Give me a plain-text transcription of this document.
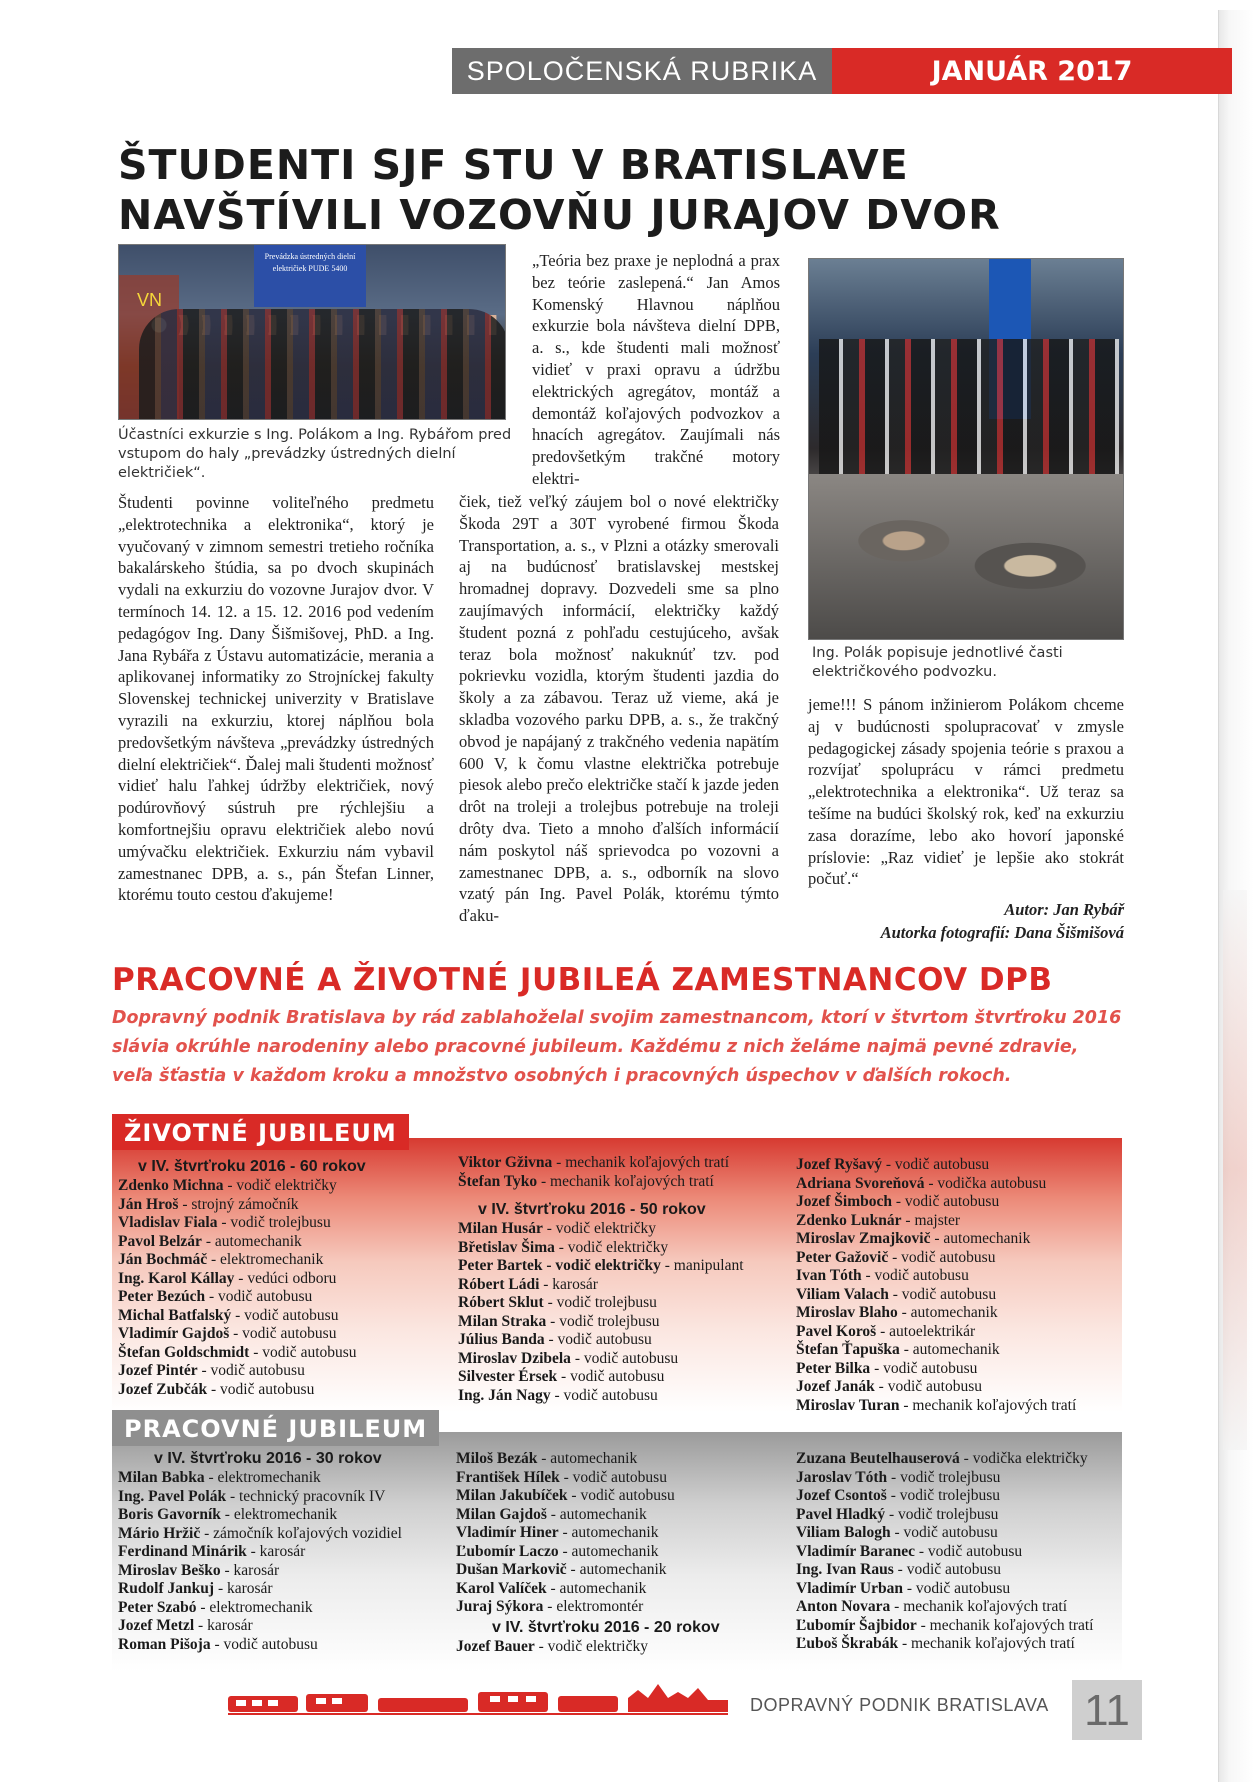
SPOLOČENSKÁ RUBRIKA	JANUÁR 2017
ŠTUDENTI SJF STU V BRATISLAVE
NAVŠTÍVILI VOZOVŇU JURAJOV DVOR
Prevádzka ústredných dielní električiek PUDE 5400
VN
Účastníci exkurzie s Ing. Polákom a Ing. Rybářom pred vstupom do haly „prevádzky ústredných dielní električiek“.
Študenti povinne voliteľného predmetu „elektrotechnika a elektronika“, ktorý je vyučovaný v zimnom semestri tretieho ročníka bakalárskeho štúdia, sa po dvoch skupinách vydali na exkurziu do vozovne Jurajov dvor. V termínoch 14. 12. a 15. 12. 2016 pod vedením pedagógov Ing. Dany Šišmišovej, PhD. a Ing. Jana Rybářa z Ústavu automatizácie, merania a aplikovanej informatiky zo Strojníckej fakulty Slovenskej technickej univerzity v Bratislave vyrazili na exkurziu, ktorej náplňou bola predovšetkým návšteva „prevádzky ústredných dielní električiek“. Ďalej mali študenti možnosť vidieť halu ľahkej údržby električiek, nový podúrovňový sústruh pre rýchlejšiu a komfortnejšiu opravu električiek alebo novú umývačku električiek. Exkurziu nám vybavil zamestnanec DPB, a. s., pán Štefan Linner, ktorému touto cestou ďakujeme!
„Teória bez praxe je neplodná a prax bez teórie zaslepená.“ Jan Amos Komenský Hlavnou náplňou exkurzie bola návšteva dielní DPB, a. s., kde študenti mali možnosť vidieť v praxi opravu a údržbu elektrických agregátov, montáž a demontáž koľajových podvozkov a hnacích agregátov. Zaujímali nás predovšetkým trakčné motory elektri-
čiek, tiež veľký záujem bol o nové električky Škoda 29T a 30T vyrobené firmou Škoda Transportation, a. s., v Plzni a otázky smerovali aj na budúcnosť bratislavskej mestskej hromadnej dopravy. Dozvedeli sme sa plno zaujímavých informácií, električky každý študent pozná z pohľadu cestujúceho, avšak teraz bola možnosť nakuknúť tzv. pod pokrievku vozidla, ktorým študenti jazdia do školy a za zábavou. Teraz už vieme, aká je skladba vozového parku DPB, a. s., že trakčný obvod je napájaný z trakčného vedenia napätím 600 V, k čomu vlastne električka potrebuje piesok alebo prečo električke stačí k jazde jeden drôt na troleji a trolejbus potrebuje na troleji drôty dva. Tieto a mnoho ďalších informácií nám poskytol náš sprievodca po vozovni a zamestnanec DPB, a. s., odborník na slovo vzatý pán Ing. Pavel Polák, ktorému týmto ďaku-
Ing. Polák popisuje jednotlivé časti električkového podvozku.
jeme!!! S pánom inžinierom Polákom chceme aj v budúcnosti spolupracovať v zmysle pedagogickej zásady spojenia teórie s praxou a rozvíjať spoluprácu v rámci predmetu „elektrotechnika a elektronika“. Už teraz sa tešíme na budúci školský rok, keď na exkurziu zasa dorazíme, lebo ako hovorí japonské príslovie: „Raz vidieť je lepšie ako stokrát počuť.“
Autor: Jan Rybář
Autorka fotografií: Dana Šišmišová
PRACOVNÉ A ŽIVOTNÉ JUBILEÁ ZAMESTNANCOV DPB

Dopravný podnik Bratislava by rád zablahoželal svojim zamestnancom, ktorí v štvrtom štvrťroku 2016 slávia okrúhle narodeniny alebo pracovné jubileum. Každému z nich želáme najmä pevné zdravie, veľa šťastia v každom kroku a množstvo osobných i pracovných úspechov v ďalších rokoch.

ŽIVOTNÉ JUBILEUM
v IV. štvrťroku 2016 - 60 rokov
Zdenko Michna - vodič električky
Ján Hroš - strojný zámočník
Vladislav Fiala - vodič trolejbusu
Pavol Belzár - automechanik
Ján Bochmáč - elektromechanik
Ing. Karol Kállay - vedúci odboru
Peter Bezúch - vodič autobusu
Michal Batfalský - vodič autobusu
Vladimír Gajdoš - vodič autobusu
Štefan Goldschmidt - vodič autobusu
Jozef Pintér - vodič autobusu
Jozef Zubčák - vodič autobusu
Viktor Gživna - mechanik koľajových tratí
Štefan Tyko - mechanik koľajových tratí
v IV. štvrťroku 2016 - 50 rokov
Milan Husár - vodič električky
Břetislav Šima - vodič električky
Peter Bartek - vodič električky - manipulant
Róbert Ládi - karosár
Róbert Sklut - vodič trolejbusu
Milan Straka - vodič trolejbusu
Július Banda - vodič autobusu
Miroslav Dzibela - vodič autobusu
Silvester Érsek - vodič autobusu
Ing. Ján Nagy - vodič autobusu
Jozef Ryšavý - vodič autobusu
Adriana Svoreňová - vodička autobusu
Jozef Šimboch - vodič autobusu
Zdenko Luknár - majster
Miroslav Zmajkovič - automechanik
Peter Gažovič - vodič autobusu
Ivan Tóth - vodič autobusu
Viliam Valach - vodič autobusu
Miroslav Blaho - automechanik
Pavel Koroš - autoelektrikár
Štefan Ťapuška - automechanik
Peter Bilka - vodič autobusu
Jozef Janák - vodič autobusu
Miroslav Turan - mechanik koľajových tratí
PRACOVNÉ JUBILEUM
v IV. štvrťroku 2016 - 30 rokov
Milan Babka - elektromechanik
Ing. Pavel Polák - technický pracovník IV
Boris Gavorník - elektromechanik
Mário Hržič - zámočník koľajových vozidiel
Ferdinand Minárik - karosár
Miroslav Beško - karosár
Rudolf Jankuj - karosár
Peter Szabó - elektromechanik
Jozef Metzl - karosár
Roman Pišoja - vodič autobusu
Miloš Bezák - automechanik
František Hílek - vodič autobusu
Milan Jakubíček - vodič autobusu
Milan Gajdoš - automechanik
Vladimír Hiner - automechanik
Ľubomír Laczo - automechanik
Dušan Markovič - automechanik
Karol Valíček - automechanik
Juraj Sýkora - elektromontér
v IV. štvrťroku 2016 - 20 rokov
Jozef Bauer - vodič električky
Zuzana Beutelhauserová - vodička električky
Jaroslav Tóth - vodič trolejbusu
Jozef Csontoš - vodič trolejbusu
Pavel Hladký - vodič trolejbusu
Viliam Balogh - vodič autobusu
Vladimír Baranec - vodič autobusu
Ing. Ivan Raus - vodič autobusu
Vladimír Urban - vodič autobusu
Anton Novara - mechanik koľajových tratí
Ľubomír Šajbidor - mechanik koľajových tratí
Ľuboš Škrabák - mechanik koľajových tratí
DOPRAVNÝ PODNIK BRATISLAVA 11
